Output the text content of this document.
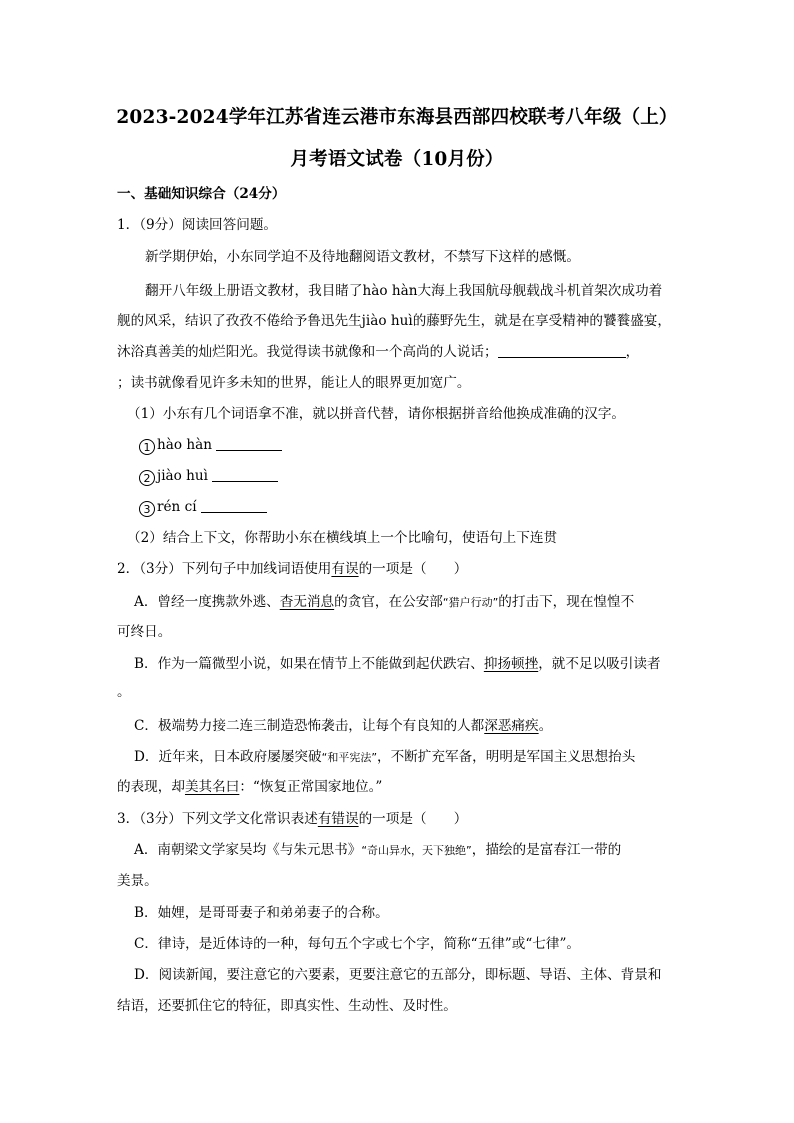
2023-2024学年江苏省连云港市东海县西部四校联考八年级（上）
月考语文试卷（10月份）
一、基础知识综合（24分）
1．（9分）阅读回答问题。
新学期伊始，小东同学迫不及待地翻阅语文教材，不禁写下这样的感慨。
翻开八年级上册语文教材，我目睹了hào hàn大海上我国航母舰载战斗机首架次成功着
舰的风采，结识了孜孜不倦给予鲁迅先生jiào huì的藤野先生，就是在享受精神的饕餮盛宴，
沐浴真善美的灿烂阳光。我觉得读书就像和一个高尚的人说话；	，
；读书就像看见许多未知的世界，能让人的眼界更加宽广。
（1）小东有几个词语拿不准，就以拼音代替，请你根据拼音给他换成准确的汉字。
1 hào hàn
2 jiào huì
3 rén cí
（2）结合上下文，你帮助小东在横线填上一个比喻句，使语句上下连贯
2．（3分）下列句子中加线词语使用有误的一项是（　　）
A．曾经一度携款外逃、杳无消息的贪官，在公安部“猎户行动”的打击下，现在惶惶不
可终日。
B．作为一篇微型小说，如果在情节上不能做到起伏跌宕、抑扬顿挫，就不足以吸引读者
。
C．极端势力接二连三制造恐怖袭击，让每个有良知的人都深恶痛疾。
D．近年来，日本政府屡屡突破“和平宪法”，不断扩充军备，明明是军国主义思想抬头
的表现，却美其名曰：“恢复正常国家地位。”
3．（3分）下列文学文化常识表述有错误的一项是（　　）
A．南朝梁文学家吴均《与朱元思书》“奇山异水，天下独绝”，描绘的是富春江一带的
美景。
B．妯娌，是哥哥妻子和弟弟妻子的合称。
C．律诗，是近体诗的一种，每句五个字或七个字，简称“五律”或“七律”。
D．阅读新闻，要注意它的六要素，更要注意它的五部分，即标题、导语、主体、背景和
结语，还要抓住它的特征，即真实性、生动性、及时性。
